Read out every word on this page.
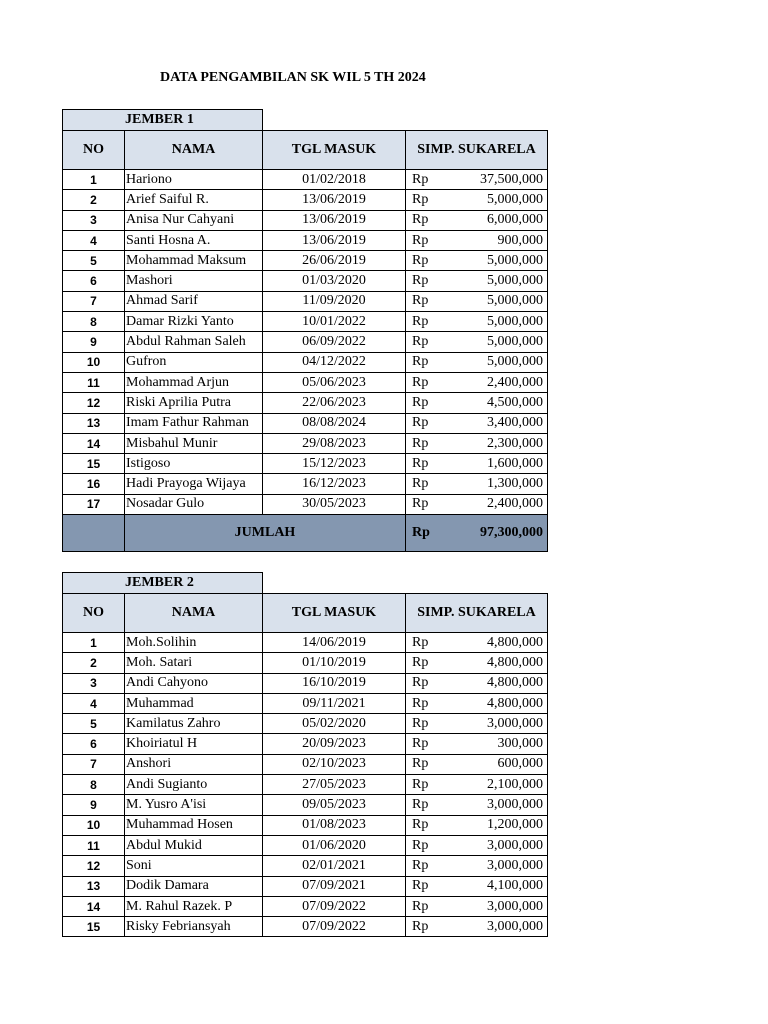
DATA PENGAMBILAN SK WIL 5 TH 2024
JEMBER 1				
NO	NAMA	TGL MASUK	SIMP. SUKARELA	
1	Hariono	01/02/2018	Rp	37,500,000
2	Arief Saiful R.	13/06/2019	Rp	5,000,000
3	Anisa Nur Cahyani	13/06/2019	Rp	6,000,000
4	Santi Hosna A.	13/06/2019	Rp	900,000
5	Mohammad Maksum	26/06/2019	Rp	5,000,000
6	Mashori	01/03/2020	Rp	5,000,000
7	Ahmad Sarif	11/09/2020	Rp	5,000,000
8	Damar Rizki Yanto	10/01/2022	Rp	5,000,000
9	Abdul Rahman Saleh	06/09/2022	Rp	5,000,000
10	Gufron	04/12/2022	Rp	5,000,000
11	Mohammad Arjun	05/06/2023	Rp	2,400,000
12	Riski Aprilia Putra	22/06/2023	Rp	4,500,000
13	Imam Fathur Rahman	08/08/2024	Rp	3,400,000
14	Misbahul Munir	29/08/2023	Rp	2,300,000
15	Istigoso	15/12/2023	Rp	1,600,000
16	Hadi Prayoga Wijaya	16/12/2023	Rp	1,300,000
17	Nosadar Gulo	30/05/2023	Rp	2,400,000
	JUMLAH		Rp	97,300,000
JEMBER 2				
NO	NAMA	TGL MASUK	SIMP. SUKARELA	
1	Moh.Solihin	14/06/2019	Rp	4,800,000
2	Moh. Satari	01/10/2019	Rp	4,800,000
3	Andi Cahyono	16/10/2019	Rp	4,800,000
4	Muhammad	09/11/2021	Rp	4,800,000
5	Kamilatus Zahro	05/02/2020	Rp	3,000,000
6	Khoiriatul H	20/09/2023	Rp	300,000
7	Anshori	02/10/2023	Rp	600,000
8	Andi Sugianto	27/05/2023	Rp	2,100,000
9	M. Yusro A'isi	09/05/2023	Rp	3,000,000
10	Muhammad Hosen	01/08/2023	Rp	1,200,000
11	Abdul Mukid	01/06/2020	Rp	3,000,000
12	Soni	02/01/2021	Rp	3,000,000
13	Dodik Damara	07/09/2021	Rp	4,100,000
14	M. Rahul Razek. P	07/09/2022	Rp	3,000,000
15	Risky Febriansyah	07/09/2022	Rp	3,000,000
